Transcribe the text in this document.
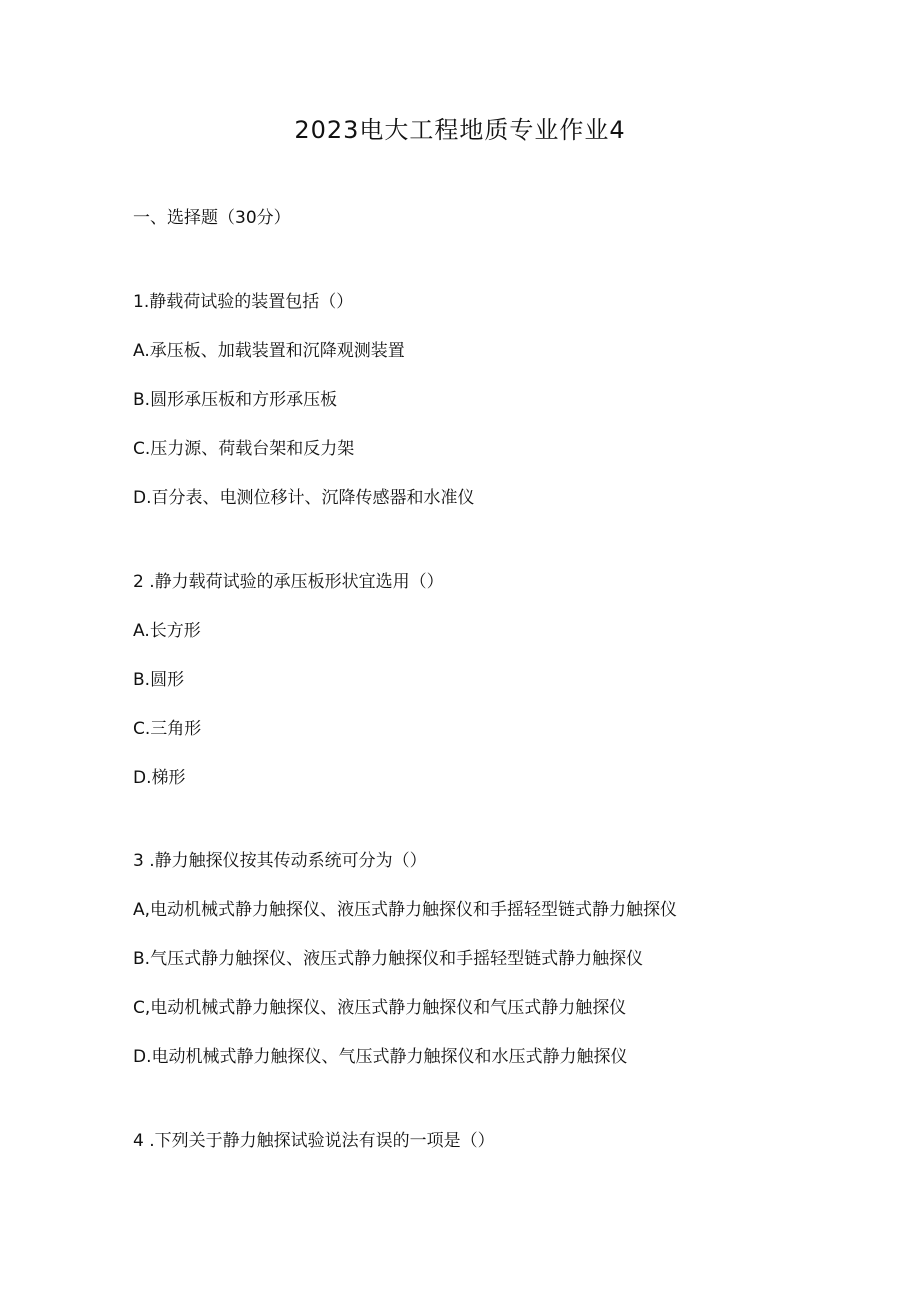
2023电大工程地质专业作业4
一、选择题（30分）
1.静载荷试验的装置包括（）
A.承压板、加载装置和沉降观测装置
B.圆形承压板和方形承压板
C.压力源、荷载台架和反力架
D.百分表、电测位移计、沉降传感器和水准仪
2 .静力载荷试验的承压板形状宜选用（）
A.长方形
B.圆形
C.三角形
D.梯形
3 .静力触探仪按其传动系统可分为（）
A,电动机械式静力触探仪、液压式静力触探仪和手摇轻型链式静力触探仪
B.气压式静力触探仪、液压式静力触探仪和手摇轻型链式静力触探仪
C,电动机械式静力触探仪、液压式静力触探仪和气压式静力触探仪
D.电动机械式静力触探仪、气压式静力触探仪和水压式静力触探仪
4 .下列关于静力触探试验说法有误的一项是（）
